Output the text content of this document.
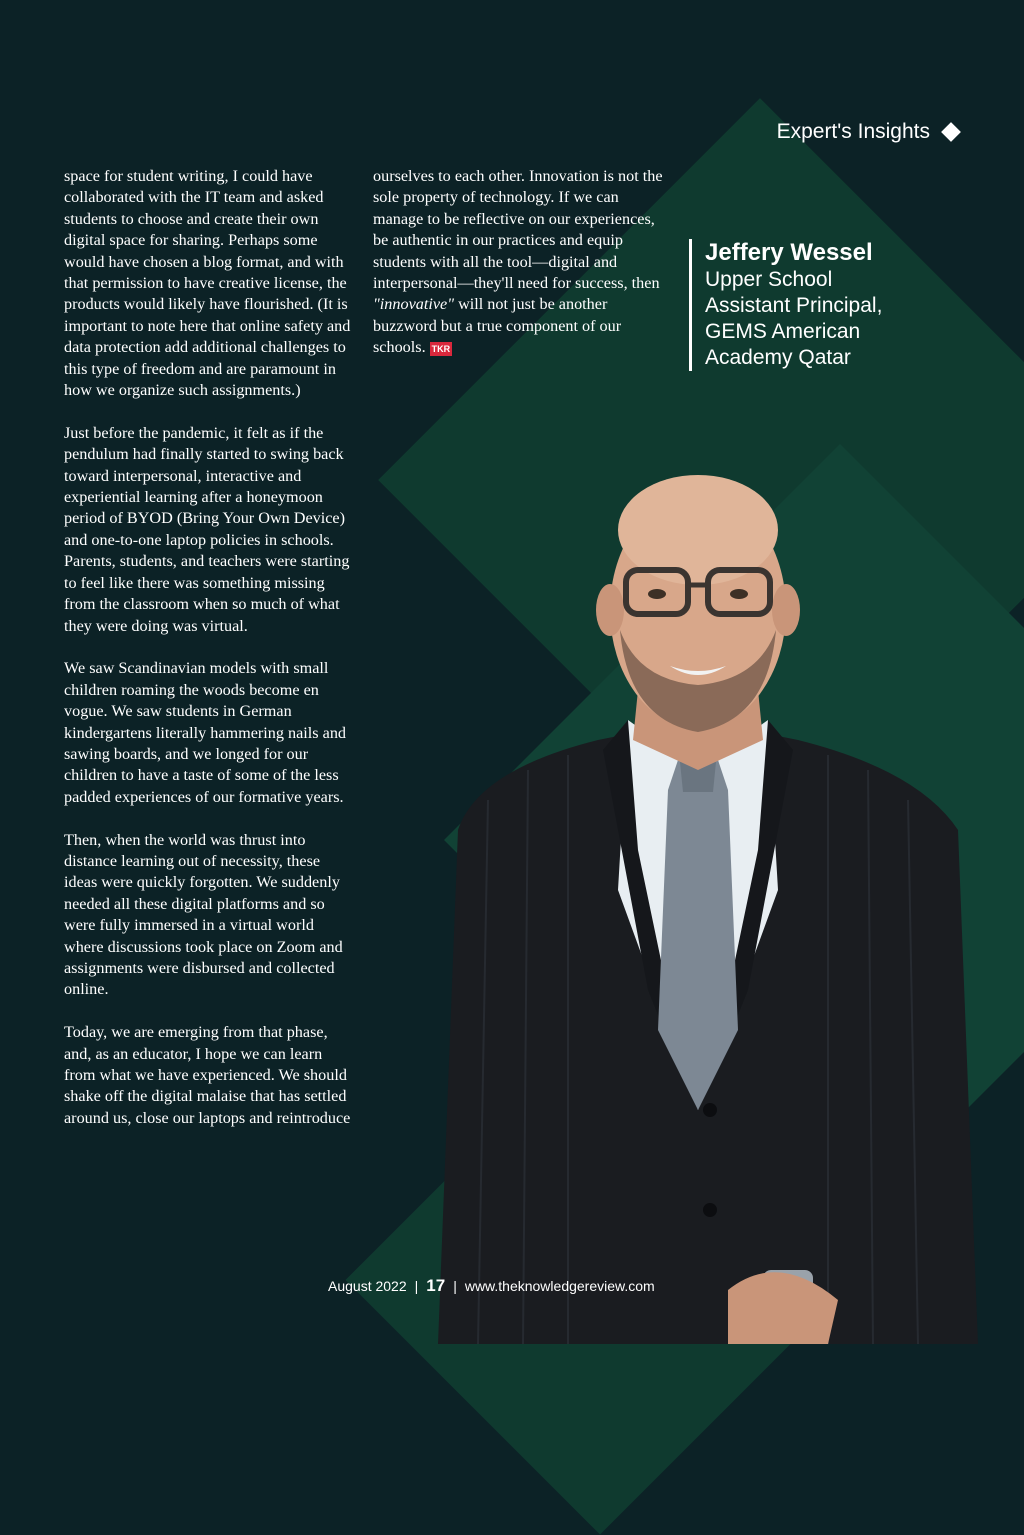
Expert's Insights

space for student writing, I could have collaborated with the IT team and asked students to choose and create their own digital space for sharing. Perhaps some would have chosen a blog format, and with that permission to have creative license, the products would likely have flourished. (It is important to note here that online safety and data protection add additional challenges to this type of freedom and are paramount in how we organize such assignments.)

Just before the pandemic, it felt as if the pendulum had finally started to swing back toward interpersonal, interactive and experiential learning after a honeymoon period of BYOD (Bring Your Own Device) and one-to-one laptop policies in schools. Parents, students, and teachers were starting to feel like there was something missing from the classroom when so much of what they were doing was virtual.

We saw Scandinavian models with small children roaming the woods become en vogue. We saw students in German kindergartens literally hammering nails and sawing boards, and we longed for our children to have a taste of some of the less padded experiences of our formative years.

Then, when the world was thrust into distance learning out of necessity, these ideas were quickly forgotten. We suddenly needed all these digital platforms and so were fully immersed in a virtual world where discussions took place on Zoom and assignments were disbursed and collected online.

Today, we are emerging from that phase, and, as an educator, I hope we can learn from what we have experienced. We should shake off the digital malaise that has settled around us, close our laptops and reintroduce

ourselves to each other. Innovation is not the sole property of technology. If we can manage to be reflective on our experiences, be authentic in our practices and equip students with all the tool—digital and interpersonal—they'll need for success, then "innovative" will not just be another buzzword but a true component of our schools. TKR

Jeffery Wessel
Upper School Assistant Principal, GEMS American Academy Qatar
August 2022 | 17 | www.theknowledgereview.com
